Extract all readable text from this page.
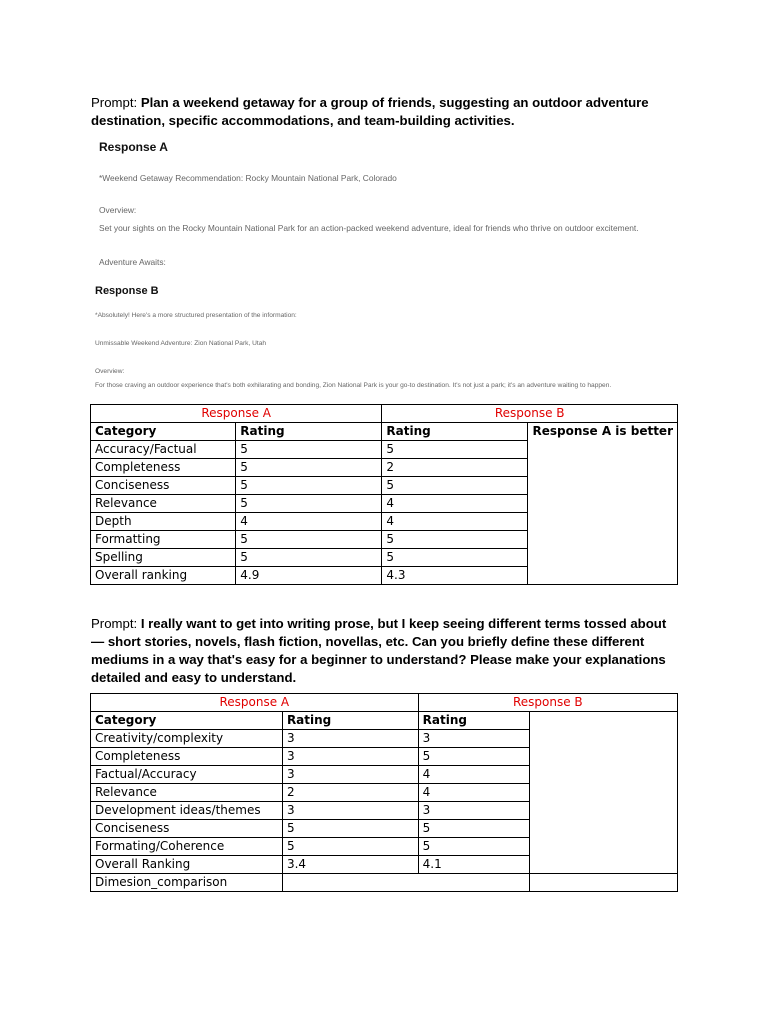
Prompt: Plan a weekend getaway for a group of friends, suggesting an outdoor adventure destination, specific accommodations, and team-building activities.
Response A
*Weekend Getaway Recommendation: Rocky Mountain National Park, Colorado
Overview:
Set your sights on the Rocky Mountain National Park for an action-packed weekend adventure, ideal for friends who thrive on outdoor excitement.
Adventure Awaits:
Response B
*Absolutely! Here's a more structured presentation of the information:
Unmissable Weekend Adventure: Zion National Park, Utah
Overview:
For those craving an outdoor experience that's both exhilarating and bonding, Zion National Park is your go-to destination. It's not just a park; it's an adventure waiting to happen.
Response A		Response B	
Category	Rating	Rating	Response A is better
Accuracy/Factual	5	5	
Completeness	5	2	
Conciseness	5	5	
Relevance	5	4	
Depth	4	4	
Formatting	5	5	
Spelling	5	5	
Overall ranking	4.9	4.3	
Prompt: I really want to get into writing prose, but I keep seeing different terms tossed about — short stories, novels, flash fiction, novellas, etc. Can you briefly define these different mediums in a way that's easy for a beginner to understand? Please make your explanations detailed and easy to understand.
Response A		Response B	
Category	Rating	Rating	
Creativity/complexity	3	3	
Completeness	3	5	
Factual/Accuracy	3	4	
Relevance	2	4	
Development ideas/themes	3	3	
Conciseness	5	5	
Formating/Coherence	5	5	
Overall Ranking	3.4	4.1	
Dimesion_comparison			
